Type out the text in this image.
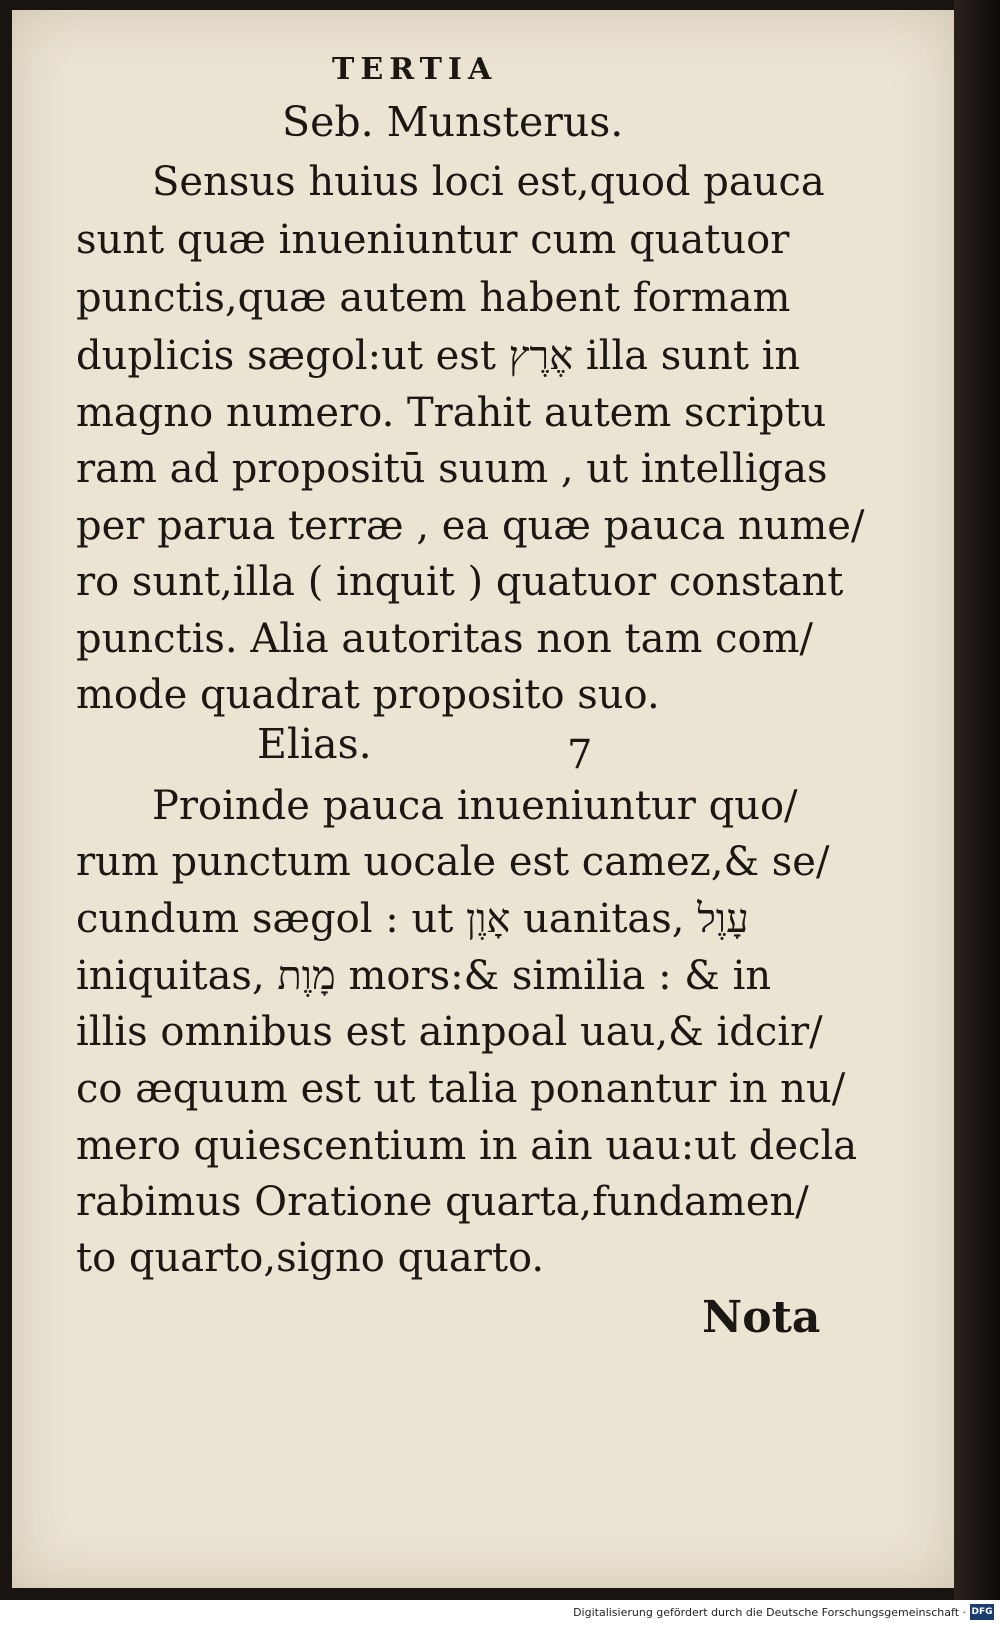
TERTIA
Seb. Munsterus.
Sensus huius loci est,quod pauca
sunt quæ inueniuntur cum quatuor
punctis,quæ autem habent formam
duplicis sægol:ut est אֶרֶץ illa sunt in
magno numero. Trahit autem scriptu
ram ad propositū suum , ut intelligas
per parua terræ , ea quæ pauca nume/
ro sunt,illa ( inquit ) quatuor constant
punctis. Alia autoritas non tam com/
mode quadrat proposito suo.
Elias.	7
Proinde pauca inueniuntur quo/
rum punctum uocale est camez,& se/
cundum sægol : ut אָוֶן uanitas, עָוֶל
iniquitas, מָוֶת mors:& similia : & in
illis omnibus est ainpoal uau,& idcir/
co æquum est ut talia ponantur in nu/
mero quiescentium in ain uau:ut decla
rabimus Oratione quarta,fundamen/
to quarto,signo quarto.
Nota
Digitalisierung gefördert durch die Deutsche Forschungsgemeinschaft · DFG
